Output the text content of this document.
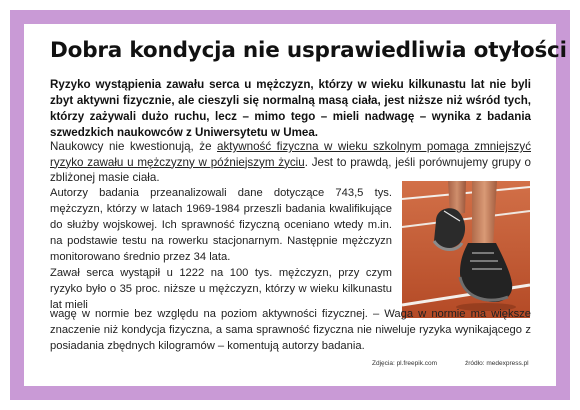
Dobra kondycja nie usprawiedliwia otyłości

Ryzyko wystąpienia zawału serca u mężczyzn, którzy w wieku kilkunastu lat nie byli zbyt aktywni fizycznie, ale cieszyli się normalną masą ciała, jest niższe niż wśród tych, którzy zażywali dużo ruchu, lecz – mimo tego – mieli nadwagę – wynika z badania szwedzkich naukowców z Uniwersytetu w Umea.

Naukowcy nie kwestionują, że aktywność fizyczna w wieku szkolnym pomaga zmniejszyć ryzyko zawału u mężczyzny w późniejszym życiu. Jest to prawdą, jeśli porównujemy grupy o zbliżonej masie ciała.

Autorzy badania przeanalizowali dane dotyczące 743,5 tys. mężczyzn, którzy w latach 1969-1984 przeszli badania kwalifikujące do służby wojskowej. Ich sprawność fizyczną oceniano wtedy m.in. na podstawie testu na rowerku stacjonarnym. Następnie mężczyzn monitorowano średnio przez 34 lata.

Zawał serca wystąpił u 1222 na 100 tys. mężczyzn, przy czym ryzyko było o 35 proc. niższe u mężczyzn, którzy w wieku kilkunastu lat mieli

wagę w normie bez względu na poziom aktywności fizycznej. – Waga w normie ma większe znaczenie niż kondycja fizyczna, a sama sprawność fizyczna nie niweluje ryzyka wynikającego z posiadania zbędnych kilogramów – komentują autorzy badania.

Zdjęcia: pl.freepik.com	źródło: medexpress.pl
